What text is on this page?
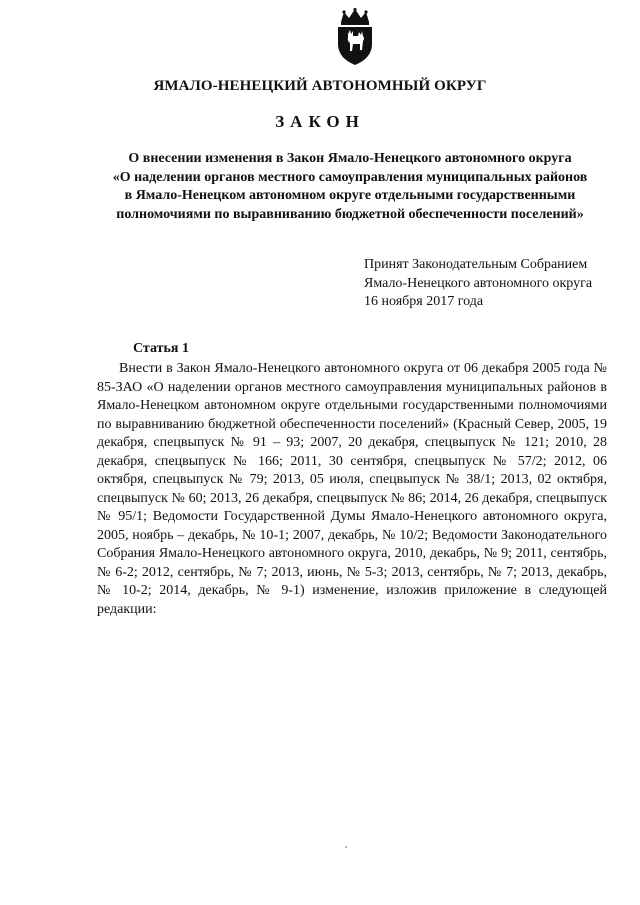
ЯМАЛО-НЕНЕЦКИЙ АВТОНОМНЫЙ ОКРУГ
ЗАКОН
О внесении изменения в Закон Ямало-Ненецкого автономного округа
«О наделении органов местного самоуправления муниципальных районов
в Ямало-Ненецком автономном округе отдельными государственными
полномочиями по выравниванию бюджетной обеспеченности поселений»
Принят Законодательным Собранием
Ямало-Ненецкого автономного округа
16 ноября 2017 года
Статья 1

Внести в Закон Ямало-Ненецкого автономного округа от 06 декабря 2005 года № 85-ЗАО «О наделении органов местного самоуправления муниципальных районов в Ямало-Ненецком автономном округе отдельными государственными полномочиями по выравниванию бюджетной обеспеченности поселений» (Красный Север, 2005, 19 декабря, спецвыпуск № 91 – 93; 2007, 20 декабря, спецвыпуск № 121; 2010, 28 декабря, спецвыпуск № 166; 2011, 30 сентября, спецвыпуск № 57/2; 2012, 06 октября, спецвыпуск № 79; 2013, 05 июля, спецвыпуск № 38/1; 2013, 02 октября, спецвыпуск № 60; 2013, 26 декабря, спецвыпуск № 86; 2014, 26 декабря, спецвыпуск № 95/1; Ведомости Государственной Думы Ямало-Ненецкого автономного округа, 2005, ноябрь – декабрь, № 10-1; 2007, декабрь, № 10/2; Ведомости Законодательного Собрания Ямало-Ненецкого автономного округа, 2010, декабрь, № 9; 2011, сентябрь, № 6-2; 2012, сентябрь, № 7; 2013, июнь, № 5-3; 2013, сентябрь, № 7; 2013, декабрь, № 10-2; 2014, декабрь, № 9-1) изменение, изложив приложение в следующей редакции:
